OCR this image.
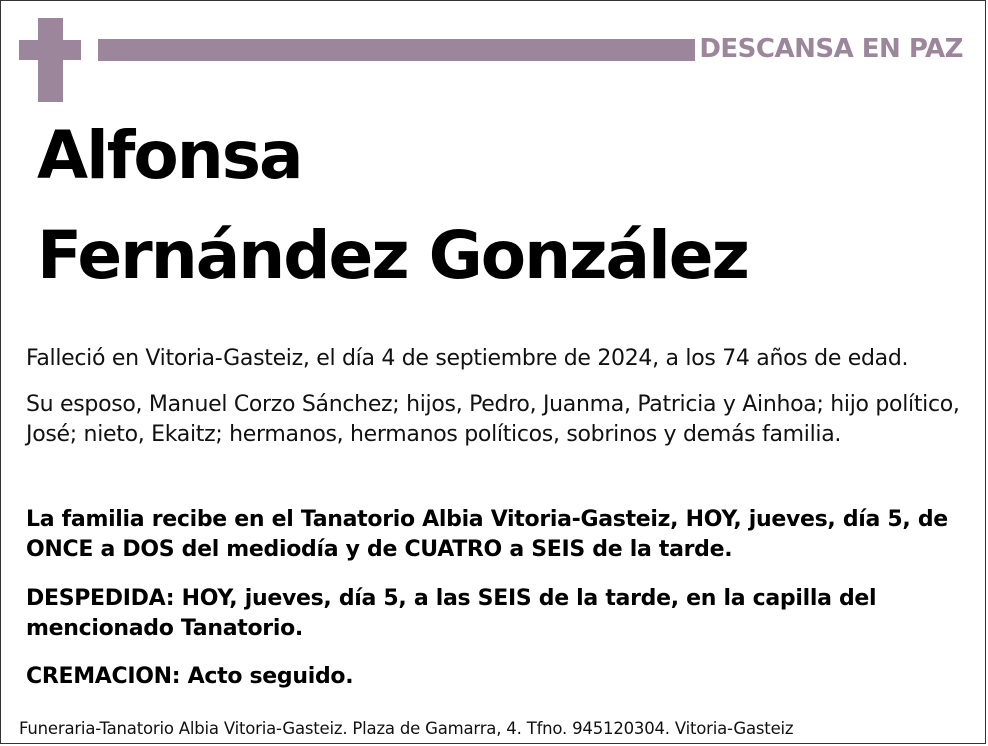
DESCANSA EN PAZ
Alfonsa
Fernández González
Falleció en Vitoria-Gasteiz, el día 4 de septiembre de 2024, a los 74 años de edad.
Su esposo, Manuel Corzo Sánchez; hijos, Pedro, Juanma, Patricia y Ainhoa; hijo político, José; nieto, Ekaitz; hermanos, hermanos políticos, sobrinos y demás familia.
La familia recibe en el Tanatorio Albia Vitoria-Gasteiz, HOY, jueves, día 5, de ONCE a DOS del mediodía y de CUATRO a SEIS de la tarde.
DESPEDIDA: HOY, jueves, día 5, a las SEIS de la tarde, en la capilla del mencionado Tanatorio.
CREMACION: Acto seguido.
Funeraria-Tanatorio Albia Vitoria-Gasteiz. Plaza de Gamarra, 4. Tfno. 945120304. Vitoria-Gasteiz
